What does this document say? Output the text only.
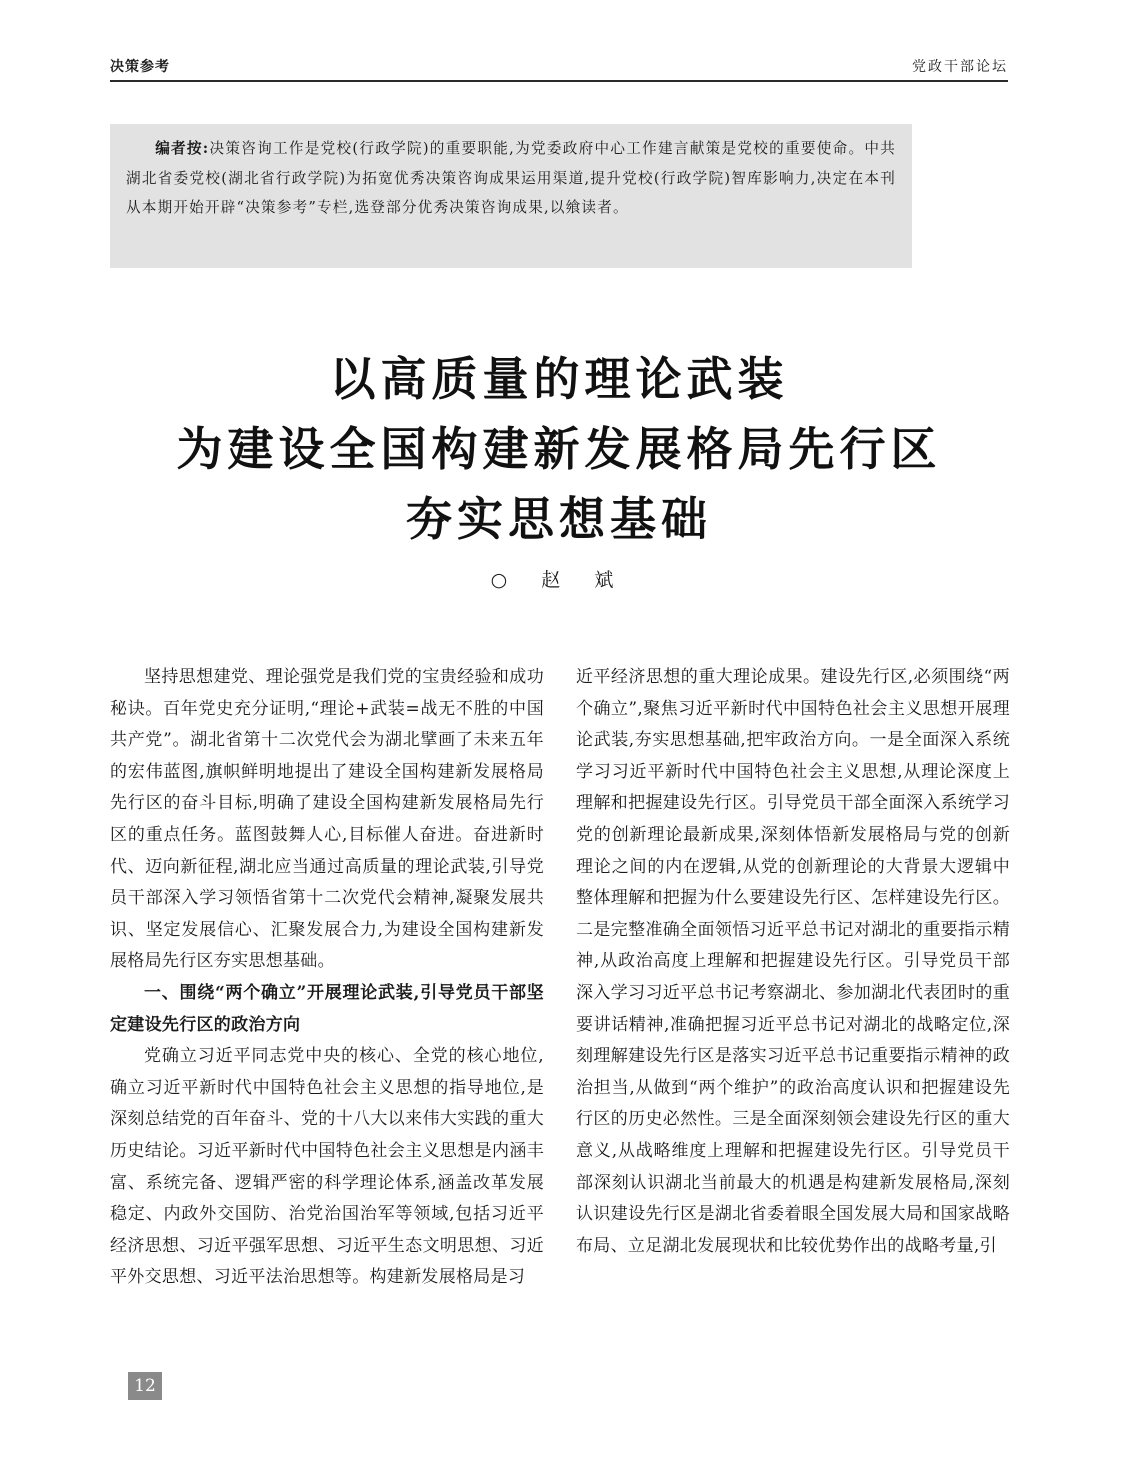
决策参考	党政干部论坛
编者按:决策咨询工作是党校(行政学院)的重要职能,为党委政府中心工作建言献策是党校的重要使命。中共湖北省委党校(湖北省行政学院)为拓宽优秀决策咨询成果运用渠道,提升党校(行政学院)智库影响力,决定在本刊从本期开始开辟“决策参考”专栏,选登部分优秀决策咨询成果,以飨读者。
以高质量的理论武装
为建设全国构建新发展格局先行区
夯实思想基础
○ 赵 斌

坚持思想建党、理论强党是我们党的宝贵经验和成功秘诀。百年党史充分证明,“理论+武装=战无不胜的中国共产党”。湖北省第十二次党代会为湖北擘画了未来五年的宏伟蓝图,旗帜鲜明地提出了建设全国构建新发展格局先行区的奋斗目标,明确了建设全国构建新发展格局先行区的重点任务。蓝图鼓舞人心,目标催人奋进。奋进新时代、迈向新征程,湖北应当通过高质量的理论武装,引导党员干部深入学习领悟省第十二次党代会精神,凝聚发展共识、坚定发展信心、汇聚发展合力,为建设全国构建新发展格局先行区夯实思想基础。

一、围绕“两个确立”开展理论武装,引导党员干部坚定建设先行区的政治方向

党确立习近平同志党中央的核心、全党的核心地位,确立习近平新时代中国特色社会主义思想的指导地位,是深刻总结党的百年奋斗、党的十八大以来伟大实践的重大历史结论。习近平新时代中国特色社会主义思想是内涵丰富、系统完备、逻辑严密的科学理论体系,涵盖改革发展稳定、内政外交国防、治党治国治军等领域,包括习近平经济思想、习近平强军思想、习近平生态文明思想、习近平外交思想、习近平法治思想等。构建新发展格局是习

近平经济思想的重大理论成果。建设先行区,必须围绕“两个确立”,聚焦习近平新时代中国特色社会主义思想开展理论武装,夯实思想基础,把牢政治方向。一是全面深入系统学习习近平新时代中国特色社会主义思想,从理论深度上理解和把握建设先行区。引导党员干部全面深入系统学习党的创新理论最新成果,深刻体悟新发展格局与党的创新理论之间的内在逻辑,从党的创新理论的大背景大逻辑中整体理解和把握为什么要建设先行区、怎样建设先行区。二是完整准确全面领悟习近平总书记对湖北的重要指示精神,从政治高度上理解和把握建设先行区。引导党员干部深入学习习近平总书记考察湖北、参加湖北代表团时的重要讲话精神,准确把握习近平总书记对湖北的战略定位,深刻理解建设先行区是落实习近平总书记重要指示精神的政治担当,从做到“两个维护”的政治高度认识和把握建设先行区的历史必然性。三是全面深刻领会建设先行区的重大意义,从战略维度上理解和把握建设先行区。引导党员干部深刻认识湖北当前最大的机遇是构建新发展格局,深刻认识建设先行区是湖北省委着眼全国发展大局和国家战略布局、立足湖北发展现状和比较优势作出的战略考量,引

12
